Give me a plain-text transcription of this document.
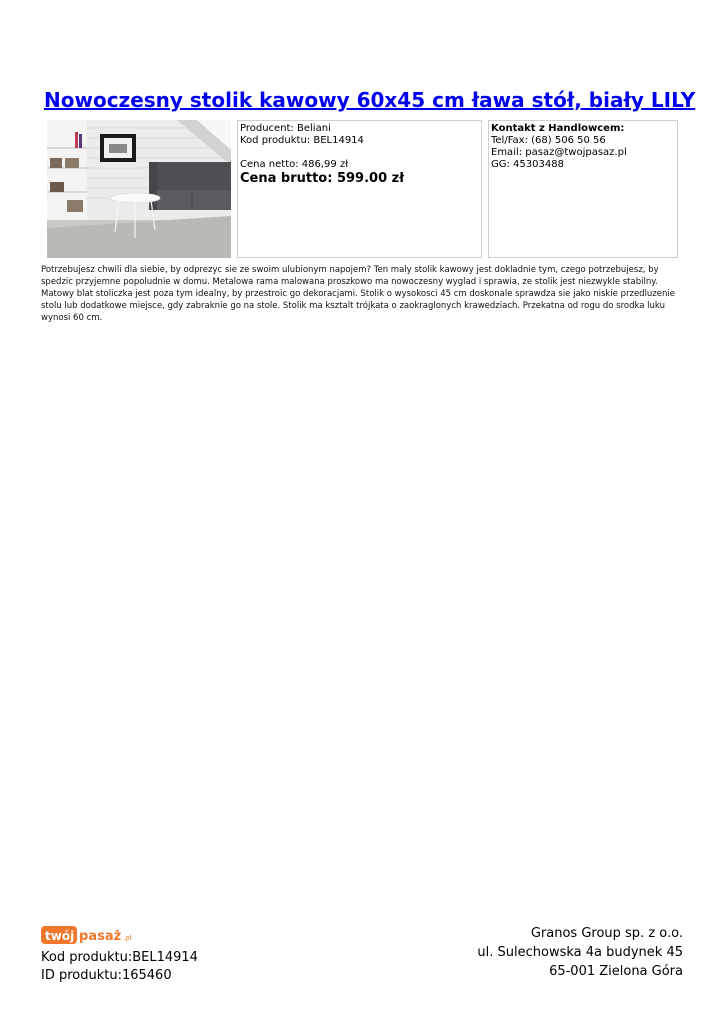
Nowoczesny stolik kawowy 60x45 cm ława stół, biały LILY
Producent: Beliani
Kod produktu: BEL14914
Cena netto: 486,99 zł
Cena brutto: 599.00 zł
Kontakt z Handlowcem:
Tel/Fax: (68) 506 50 56
Email: pasaz@twojpasaz.pl
GG: 45303488

Potrzebujesz chwili dla siebie, by odprezyc sie ze swoim ulubionym napojem? Ten maly stolik kawowy jest dokladnie tym, czego potrzebujesz, by spedzic przyjemne popoludnie w domu. Metalowa rama malowana proszkowo ma nowoczesny wyglad i sprawia, ze stolik jest niezwykle stabilny. Matowy blat stoliczka jest poza tym idealny, by przestroic go dekoracjami. Stolik o wysokosci 45 cm doskonale sprawdza sie jako niskie przedluzenie stolu lub dodatkowe miejsce, gdy zabraknie go na stole. Stolik ma ksztalt trójkata o zaokraglonych krawedziach. Przekatna od rogu do srodka luku wynosi 60 cm.

twój pasaż .pl
Kod produktu:BEL14914
ID produktu:165460
Granos Group sp. z o.o.
ul. Sulechowska 4a budynek 45
65-001 Zielona Góra
